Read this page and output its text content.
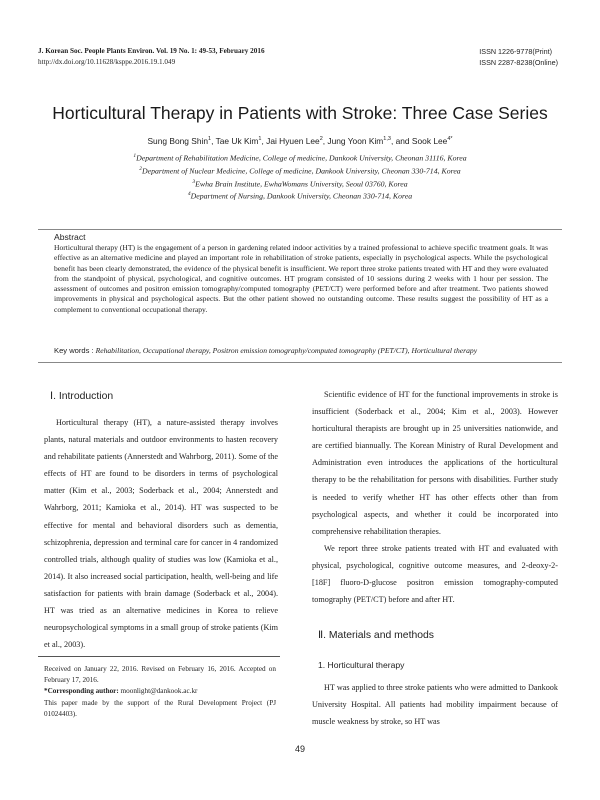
J. Korean Soc. People Plants Environ. Vol. 19 No. 1: 49-53, February 2016
http://dx.doi.org/10.11628/ksppe.2016.19.1.049
ISSN 1226-9778(Print)
ISSN 2287-8238(Online)
Horticultural Therapy in Patients with Stroke: Three Case Series
Sung Bong Shin$^1$, Tae Uk Kim$^1$, Jai Hyuen Lee$^2$, Jung Yoon Kim$^{1,3}$, and Sook Lee$^{4*}$
$^1$Department of Rehabilitation Medicine, College of medicine, Dankook University, Cheonan 31116, Korea
$^2$Department of Nuclear Medicine, College of medicine, Dankook University, Cheonan 330-714, Korea
$^3$Ewha Brain Institute, EwhaWomans University, Seoul 03760, Korea
$^4$Department of Nursing, Dankook University, Cheonan 330-714, Korea
Abstract
Horticultural therapy (HT) is the engagement of a person in gardening related indoor activities by a trained professional to achieve specific treatment goals. It was effective as an alternative medicine and played an important role in rehabilitation of stroke patients, especially in psychological aspects. While the psychological benefit has been clearly demonstrated, the evidence of the physical benefit is insufficient. We report three stroke patients treated with HT and they were evaluated from the standpoint of physical, psychological, and cognitive outcomes. HT program consisted of 10 sessions during 2 weeks with 1 hour per session. The assessment of outcomes and positron emission tomography/computed tomography (PET/CT) were performed before and after treatment. Two patients showed improvements in physical and psychological aspects. But the other patient showed no outstanding outcome. These results suggest the possibility of HT as a complement to conventional occupational therapy.
Key words : Rehabilitation, Occupational therapy, Positron emission tomography/computed tomography (PET/CT), Horticultural therapy
Ⅰ. Introduction

Horticultural therapy (HT), a nature-assisted therapy involves plants, natural materials and outdoor environments to hasten recovery and rehabilitate patients (Annerstedt and Wahrborg, 2011). Some of the effects of HT are found to be disorders in terms of psychological matter (Kim et al., 2003; Soderback et al., 2004; Annerstedt and Wahrborg, 2011; Kamioka et al., 2014). HT was suspected to be effective for mental and behavioral disorders such as dementia, schizophrenia, depression and terminal care for cancer in 4 randomized controlled trials, although quality of studies was low (Kamioka et al., 2014). It also increased social participation, health, well-being and life satisfaction for patients with brain damage (Soderback et al., 2004). HT was tried as an alternative medicines in Korea to relieve neuropsychological symptoms in a small group of stroke patients (Kim et al., 2003).

Scientific evidence of HT for the functional improvements in stroke is insufficient (Soderback et al., 2004; Kim et al., 2003). However horticultural therapists are brought up in 25 universities nationwide, and are certified biannually. The Korean Ministry of Rural Development and Administration even introduces the applications of the horticultural therapy to be the rehabilitation for persons with disabilities. Further study is needed to verify whether HT has other effects other than from psychological aspects, and whether it could be incorporated into comprehensive rehabilitation therapies.

We report three stroke patients treated with HT and evaluated with physical, psychological, cognitive outcome measures, and 2-deoxy-2-[18F] fluoro-D-glucose positron emission tomography-computed tomography (PET/CT) before and after HT.

Ⅱ. Materials and methods
1. Horticultural therapy

HT was applied to three stroke patients who were admitted to Dankook University Hospital. All patients had mobility impairment because of muscle weakness by stroke, so HT was

Received on January 22, 2016. Revised on February 16, 2016. Accepted on February 17, 2016.

*Corresponding author: moonlight@dankook.ac.kr

This paper made by the support of the Rural Development Project (PJ 01024403).

49
